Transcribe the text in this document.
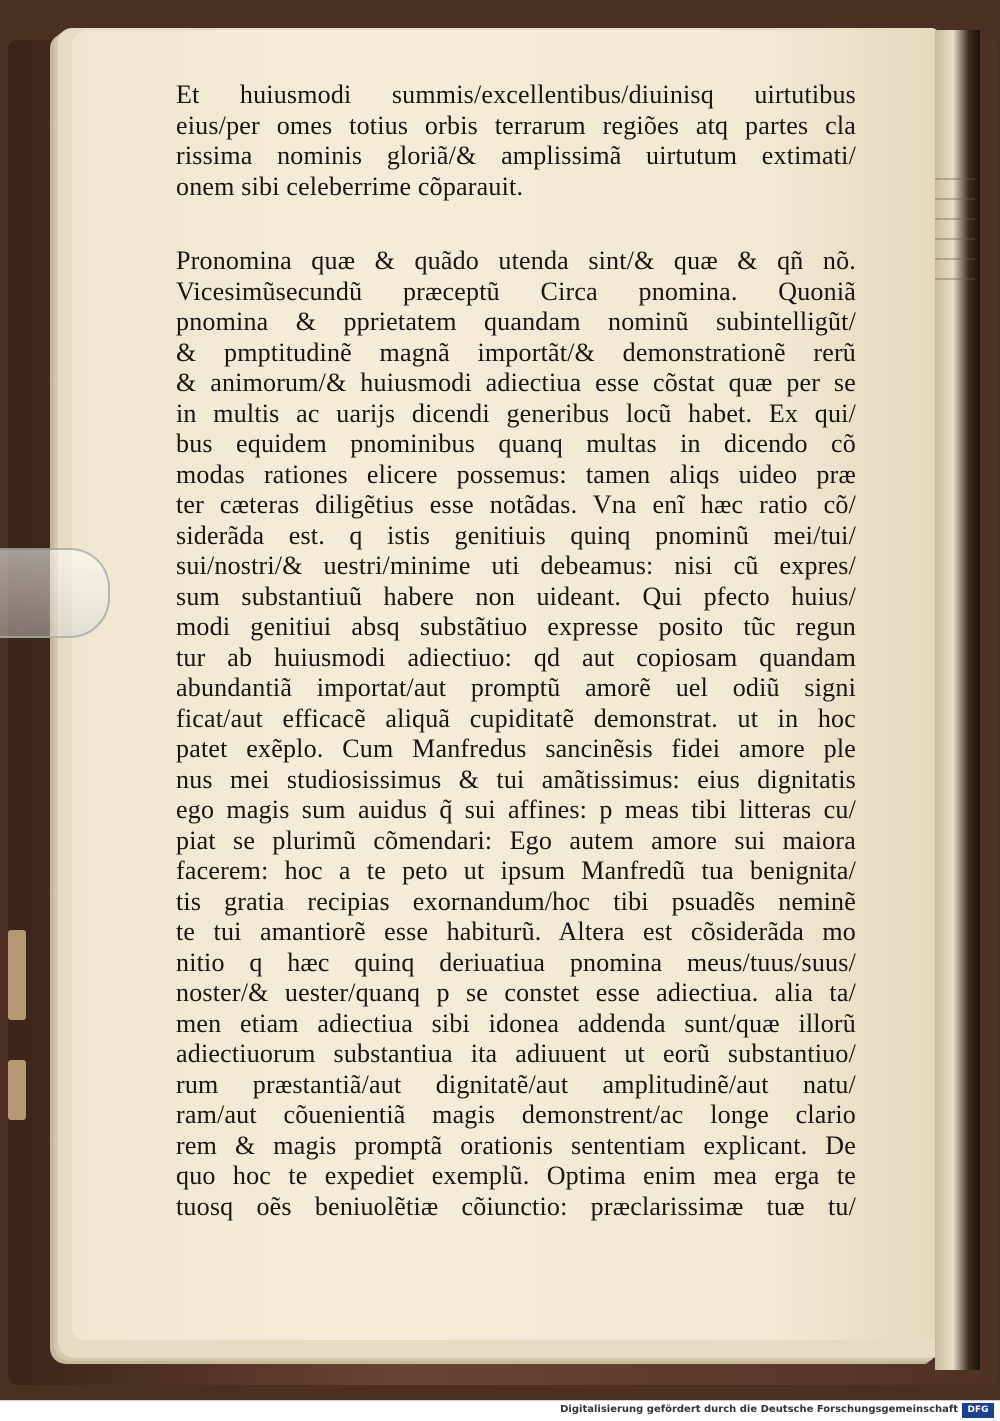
Et huiusmodi summis/excellentibus/diuinisq uirtutibus
eius/per omes totius orbis terrarum regiões atq partes cla
rissima nominis gloriã/& amplissimã uirtutum extimati/
onem sibi celeberrime cõparauit.
Pronomina quæ & quãdo utenda sint/& quæ & qñ nõ.
Vicesimũsecundũ præceptũ Circa pnomina. Quoniã
pnomina & pprietatem quandam nominũ subintelligũt/
& pmptitudinẽ magnã importãt/& demonstrationẽ rerũ
& animorum/& huiusmodi adiectiua esse cõstat quæ per se
in multis ac uarijs dicendi generibus locũ habet. Ex qui/
bus equidem pnominibus quanq multas in dicendo cõ
modas rationes elicere possemus: tamen aliqs uideo præ
ter cæteras diligẽtius esse notãdas. Vna enĩ hæc ratio cõ/
siderãda est. q istis genitiuis quinq pnominũ mei/tui/
sui/nostri/& uestri/minime uti debeamus: nisi cũ expres/
sum substantiuũ habere non uideant. Qui pfecto huius/
modi genitiui absq substãtiuo expresse posito tũc regun
tur ab huiusmodi adiectiuo: qd aut copiosam quandam
abundantiã importat/aut promptũ amorẽ uel odiũ signi
ficat/aut efficacẽ aliquã cupiditatẽ demonstrat. ut in hoc
patet exẽplo. Cum Manfredus sancinẽsis fidei amore ple
nus mei studiosissimus & tui amãtissimus: eius dignitatis
ego magis sum auidus q̃ sui affines: p meas tibi litteras cu/
piat se plurimũ cõmendari: Ego autem amore sui maiora
facerem: hoc a te peto ut ipsum Manfredũ tua benignita/
tis gratia recipias exornandum/hoc tibi psuadẽs neminẽ
te tui amantiorẽ esse habiturũ. Altera est cõsiderãda mo
nitio q hæc quinq deriuatiua pnomina meus/tuus/suus/
noster/& uester/quanq p se constet esse adiectiua. alia ta/
men etiam adiectiua sibi idonea addenda sunt/quæ illorũ
adiectiuorum substantiua ita adiuuent ut eorũ substantiuo/
rum præstantiã/aut dignitatẽ/aut amplitudinẽ/aut natu/
ram/aut cõuenientiã magis demonstrent/ac longe clario
rem & magis promptã orationis sententiam explicant. De
quo hoc te expediet exemplũ. Optima enim mea erga te
tuosq oẽs beniuolẽtiæ cõiunctio: præclarissimæ tuæ tu/
Digitalisierung gefördert durch die Deutsche Forschungsgemeinschaft	DFG
